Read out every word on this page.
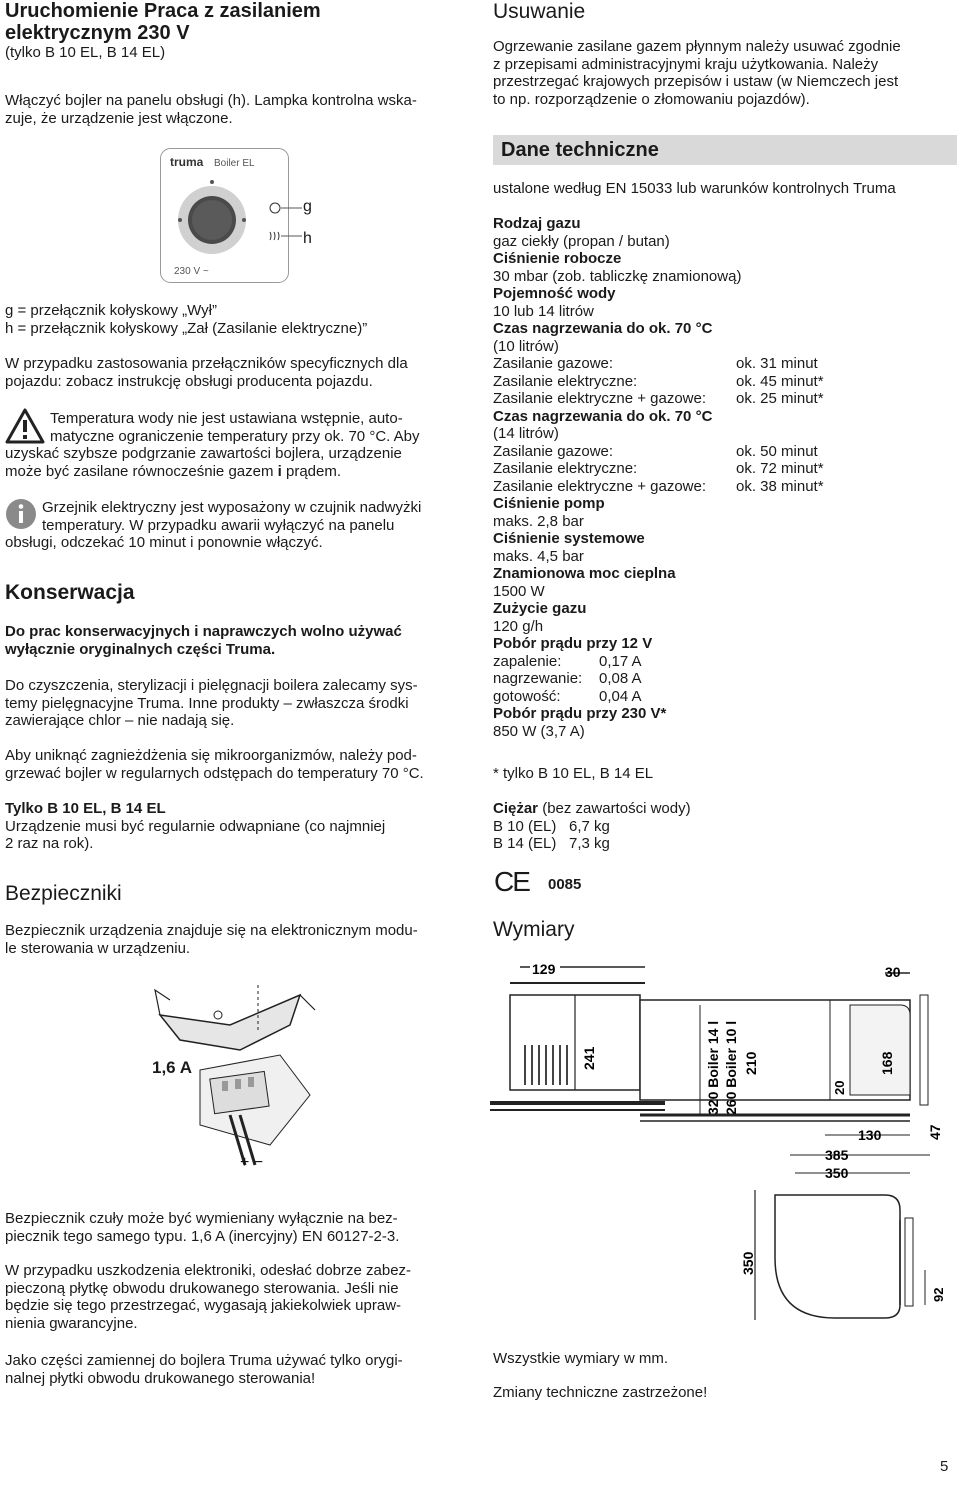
Uruchomienie Praca z zasilaniem

elektrycznym 230 V

(tylko B 10 EL, B 14 EL)

Włączyć bojler na panelu obsługi (h). Lampka kontrolna wska-

zuje, że urządzenie jest włączone.

truma Boiler EL
230 V ~
g
h

g = przełącznik kołyskowy „Wył”

h = przełącznik kołyskowy „Zał (Zasilanie elektryczne)”

W przypadku zastosowania przełączników specyficznych dla

pojazdu: zobacz instrukcję obsługi producenta pojazdu.

Temperatura wody nie jest ustawiana wstępnie, auto-

matyczne ograniczenie temperatury przy ok. 70 °C. Aby

uzyskać szybsze podgrzanie zawartości bojlera, urządzenie

może być zasilane równocześnie gazem i prądem.

Grzejnik elektryczny jest wyposażony w czujnik nadwyżki

temperatury. W przypadku awarii wyłączyć na panelu

obsługi, odczekać 10 minut i ponownie włączyć.

Konserwacja

Do prac konserwacyjnych i naprawczych wolno używać

wyłącznie oryginalnych części Truma.

Do czyszczenia, sterylizacji i pielęgnacji boilera zalecamy sys-

temy pielęgnacyjne Truma. Inne produkty – zwłaszcza środki

zawierające chlor – nie nadają się.

Aby uniknąć zagnieżdżenia się mikroorganizmów, należy pod-

grzewać bojler w regularnych odstępach do temperatury 70 °C.

Tylko B 10 EL, B 14 EL

Urządzenie musi być regularnie odwapniane (co najmniej

2 raz na rok).

Bezpieczniki

Bezpiecznik urządzenia znajduje się na elektronicznym modu-

le sterowania w urządzeniu.

+ −
1,6 A

Bezpiecznik czuły może być wymieniany wyłącznie na bez-

piecznik tego samego typu. 1,6 A (inercyjny) EN 60127-2-3.

W przypadku uszkodzenia elektroniki, odesłać dobrze zabez-

pieczoną płytkę obwodu drukowanego sterowania. Jeśli nie

będzie się tego przestrzegać, wygasają jakiekolwiek upraw-

nienia gwarancyjne.

Jako części zamiennej do bojlera Truma używać tylko orygi-

nalnej płytki obwodu drukowanego sterowania!

Usuwanie

Ogrzewanie zasilane gazem płynnym należy usuwać zgodnie

z przepisami administracyjnymi kraju użytkowania. Należy

przestrzegać krajowych przepisów i ustaw (w Niemczech jest

to np. rozporządzenie o złomowaniu pojazdów).

Dane techniczne
ustalone według EN 15033 lub warunków kontrolnych Truma

Rodzaj gazu

gaz ciekły (propan / butan)

Ciśnienie robocze

30 mbar (zob. tabliczkę znamionową)

Pojemność wody

10 lub 14 litrów

Czas nagrzewania do ok. 70 °C

(10 litrów)

Zasilanie gazowe:	ok. 31 minut
Zasilanie elektryczne:	ok. 45 minut*
Zasilanie elektryczne + gazowe:	ok. 25 minut*

Czas nagrzewania do ok. 70 °C

(14 litrów)

Zasilanie gazowe:	ok. 50 minut
Zasilanie elektryczne:	ok. 72 minut*
Zasilanie elektryczne + gazowe:	ok. 38 minut*

Ciśnienie pomp

maks. 2,8 bar

Ciśnienie systemowe

maks. 4,5 bar

Znamionowa moc cieplna

1500 W

Zużycie gazu

120 g/h

Pobór prądu przy 12 V

zapalenie:	0,17 A
nagrzewanie:	0,08 A
gotowość:	0,04 A

Pobór prądu przy 230 V*

850 W (3,7 A)

* tylko B 10 EL, B 14 EL

Ciężar (bez zawartości wody)

B 10 (EL) 6,7 kg
B 14 (EL) 7,3 kg
CE 0085
Wymiary
129	30
241	320 Boiler 14 l 260 Boiler 10 l 210	168
20
130	47
385
350
350
92
Wszystkie wymiary w mm.
Zmiany techniczne zastrzeżone!
5
